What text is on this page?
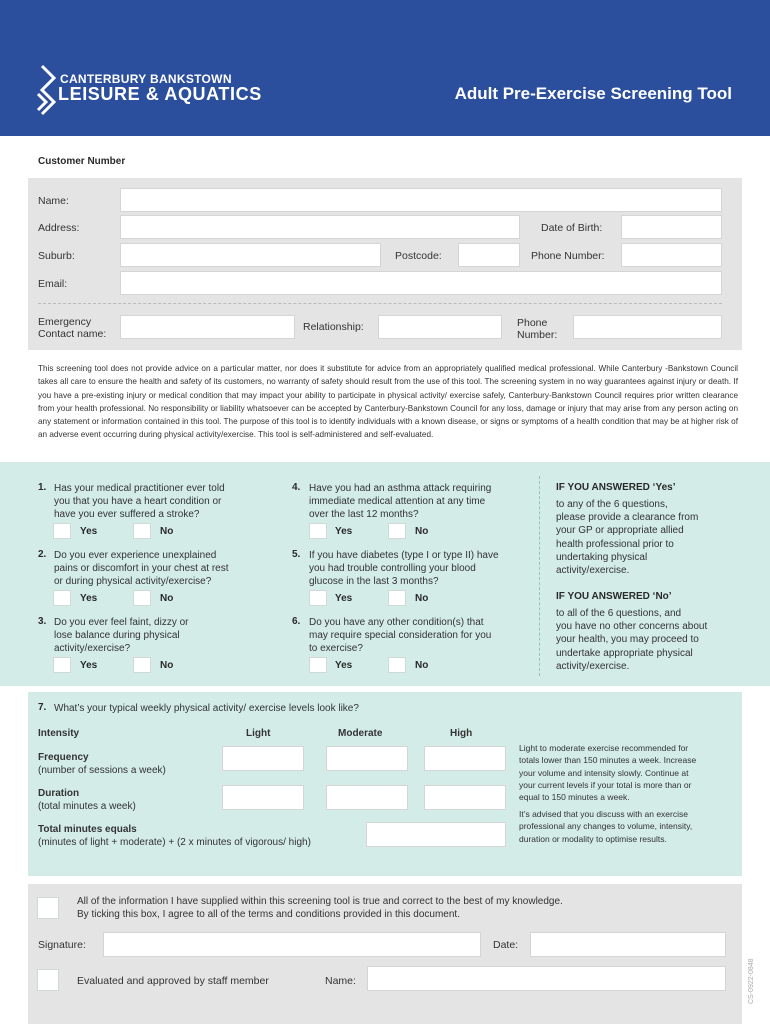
CANTERBURY BANKSTOWN
LEISURE & AQUATICS	Adult Pre-Exercise Screening Tool
Customer Number
Name:
Address:	Date of Birth:
Suburb:	Postcode:	Phone Number:
Email:
Emergency
Contact name:
Relationship:	Phone
Number:
This screening tool does not provide advice on a particular matter, nor does it substitute for advice from an appropriately qualified medical professional. While Canterbury -Bankstown Council takes all care to ensure the health and safety of its customers, no warranty of safety should result from the use of this tool. The screening system in no way guarantees against injury or death. If you have a pre-existing injury or medical condition that may impact your ability to participate in physical activity/ exercise safely, Canterbury-Bankstown Council requires prior written clearance from your health professional. No responsibility or liability whatsoever can be accepted by Canterbury-Bankstown Council for any loss, damage or injury that may arise from any person acting on any statement or information contained in this tool. The purpose of this tool is to identify individuals with a known disease, or signs or symptoms of a health condition that may be at higher risk of an adverse event occurring during physical activity/exercise. This tool is self-administered and self-evaluated.
1. Has your medical practitioner ever told
you that you have a heart condition or
have you ever suffered a stroke?
Yes	No
2. Do you ever experience unexplained
pains or discomfort in your chest at rest
or during physical activity/exercise?
Yes	No
3. Do you ever feel faint, dizzy or
lose balance during physical
activity/exercise?
Yes	No
4. Have you had an asthma attack requiring
immediate medical attention at any time
over the last 12 months?
Yes	No
5. If you have diabetes (type I or type II) have
you had trouble controlling your blood
glucose in the last 3 months?
Yes	No
6. Do you have any other condition(s) that
may require special consideration for you
to exercise?
Yes	No
IF YOU ANSWERED ‘Yes’
to any of the 6 questions,
please provide a clearance from
your GP or appropriate allied
health professional prior to
undertaking physical
activity/exercise.
IF YOU ANSWERED ‘No’
to all of the 6 questions, and
you have no other concerns about
your health, you may proceed to
undertake appropriate physical
activity/exercise.
7. What’s your typical weekly physical activity/ exercise levels look like?
Intensity	Light	Moderate	High
Frequency
(number of sessions a week)
Duration
(total minutes a week)
Total minutes equals
(minutes of light + moderate) + (2 x minutes of vigorous/ high)
Light to moderate exercise recommended for
totals lower than 150 minutes a week. Increase
your volume and intensity slowly. Continue at
your current levels if your total is more than or
equal to 150 minutes a week.
It’s advised that you discuss with an exercise
professional any changes to volume, intensity,
duration or modality to optimise results.
All of the information I have supplied within this screening tool is true and correct to the best of my knowledge.
By ticking this box, I agree to all of the terms and conditions provided in this document.
Signature:	Date:
Evaluated and approved by staff member	Name:	CS-0922-0848
